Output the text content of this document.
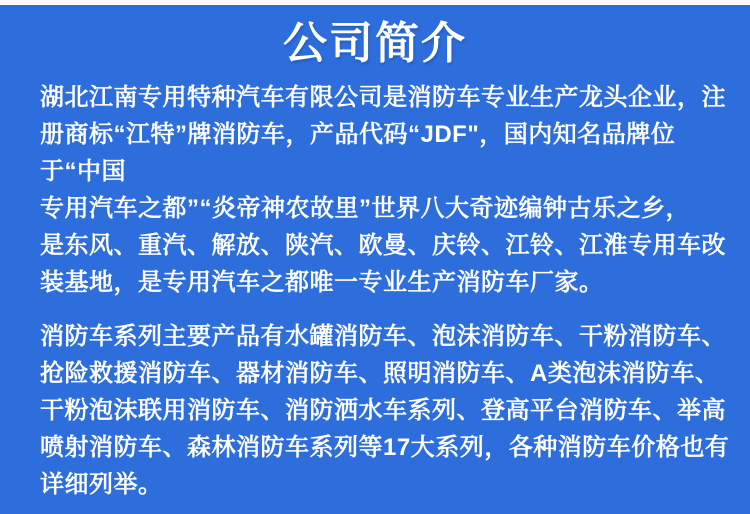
公司简介
湖北江南专用特种汽车有限公司是消防车专业生产龙头企业，注
册商标“江特”牌消防车，产品代码“JDF"，国内知名品牌位
于“中国
专用汽车之都”“炎帝神农故里”世界八大奇迹编钟古乐之乡，
是东风、重汽、解放、陕汽、欧曼、庆铃、江铃、江淮专用车改
装基地，是专用汽车之都唯一专业生产消防车厂家。
消防车系列主要产品有水罐消防车、泡沫消防车、干粉消防车、
抢险救援消防车、器材消防车、照明消防车、A类泡沫消防车、
干粉泡沫联用消防车、消防洒水车系列、登高平台消防车、举高
喷射消防车、森林消防车系列等17大系列，各种消防车价格也有
详细列举。
